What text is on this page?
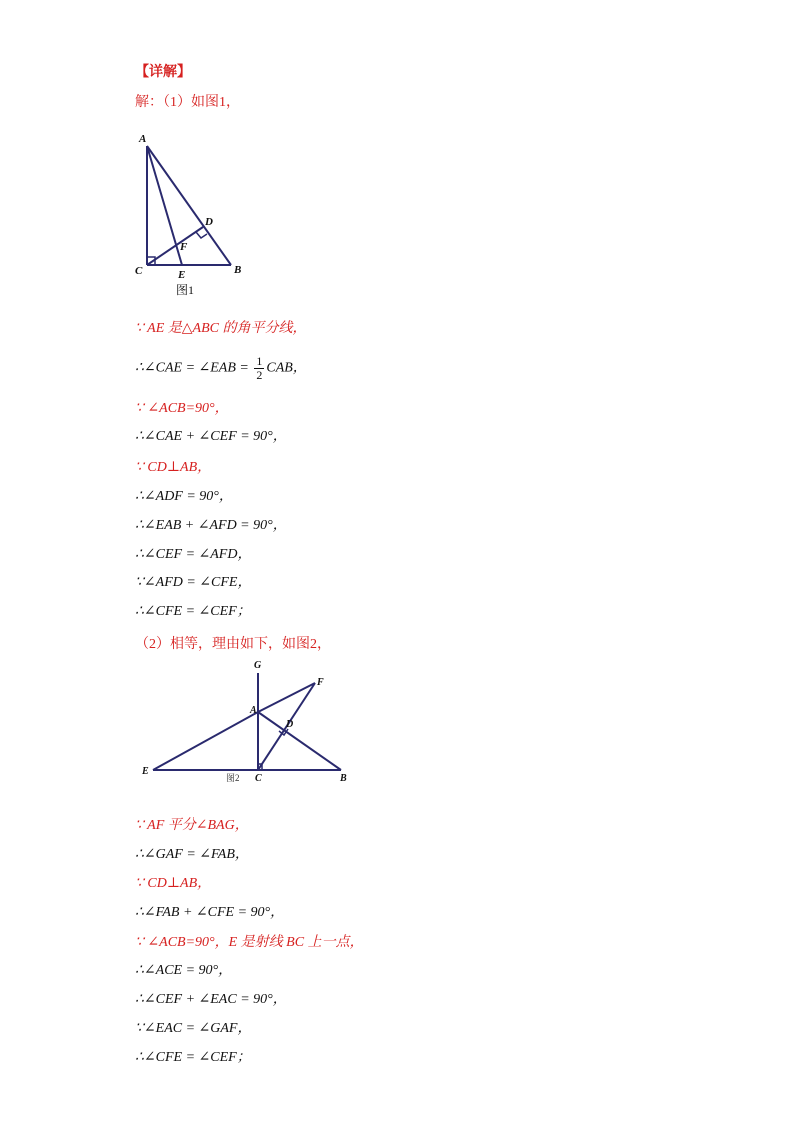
【详解】
解：（1）如图1，
A
D
F
C	E	B
图1
∵ AE 是△ABC 的角平分线，
∴∠CAE = ∠EAB = $\frac{1}{2}$ CAB，
∵ ∠ACB=90°，
∴∠CAE + ∠CEF = 90°，
∵ CD⊥AB，
∴∠ADF = 90°，
∴∠EAB + ∠AFD = 90°，
∴∠CEF = ∠AFD，
∵∠AFD = ∠CFE，
∴∠CFE = ∠CEF；
（2）相等，理由如下，如图2，
G
F
A
D
E
C	B
图2
∵ AF 平分∠BAG，
∴∠GAF = ∠FAB，
∵ CD⊥AB，
∴∠FAB + ∠CFE = 90°，
∵ ∠ACB=90°，E 是射线 BC 上一点，
∴∠ACE = 90°，
∴∠CEF + ∠EAC = 90°，
∵∠EAC = ∠GAF，
∴∠CFE = ∠CEF；
